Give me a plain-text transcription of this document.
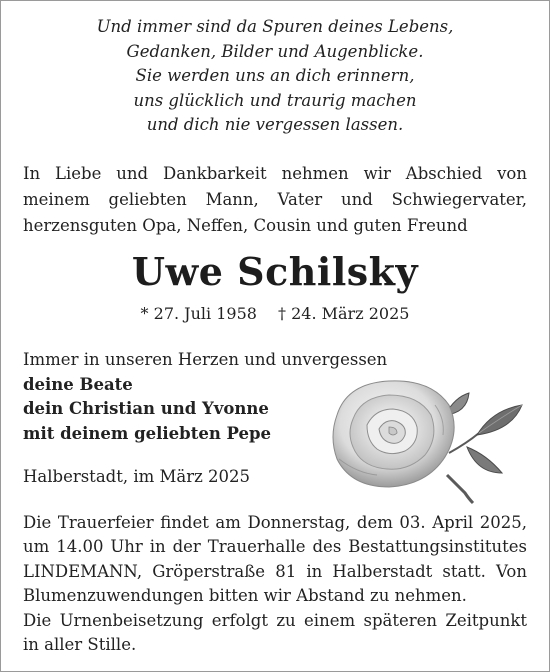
Und immer sind da Spuren deines Lebens,
Gedanken, Bilder und Augenblicke.
Sie werden uns an dich erinnern,
uns glücklich und traurig machen
und dich nie vergessen lassen.
In Liebe und Dankbarkeit nehmen wir Abschied von meinem geliebten Mann, Vater und Schwiegervater, herzensguten Opa, Neffen, Cousin und guten Freund
Uwe Schilsky
* 27. Juli 1958 † 24. März 2025
Immer in unseren Herzen und unvergessen
deine Beate
dein Christian und Yvonne
mit deinem geliebten Pepe
Halberstadt, im März 2025

Die Trauerfeier findet am Donnerstag, dem 03. April 2025, um 14.00 Uhr in der Trauerhalle des Bestattungsinstitutes LINDEMANN, Gröperstraße 81 in Halberstadt statt. Von Blumenzuwendungen bitten wir Abstand zu nehmen.

Die Urnenbeisetzung erfolgt zu einem späteren Zeitpunkt in aller Stille.
